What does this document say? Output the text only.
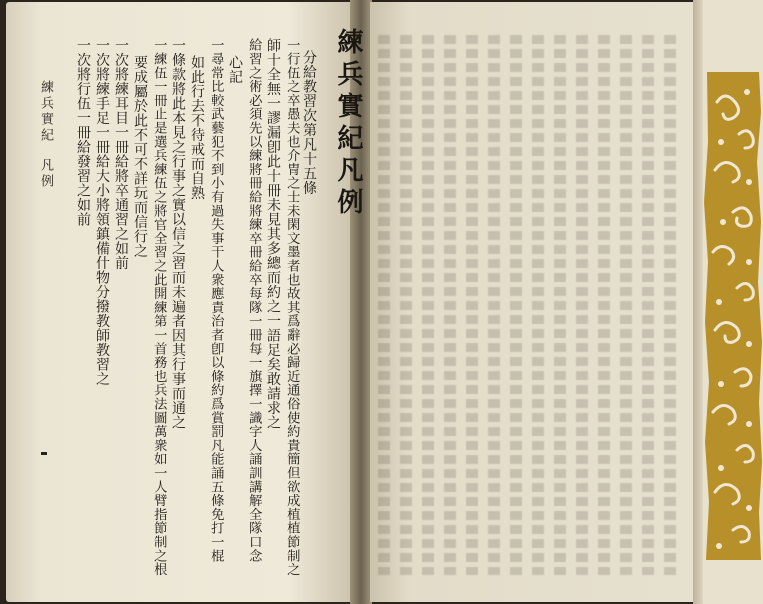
練兵實紀凡例
分給教習次第凡十五條
一行伍之卒愚夫也介冑之士未閑文墨者也故其爲辭必歸近通俗使約貴簡但欲成植植節制之
師十全無一謬漏卽此十冊未見其多總而約之一語足矣敢請求之
給習之術必須先以練將冊給將練卒冊給卒每隊一冊每一旗擇一識字人誦訓講解全隊口念
心記
一尋常比較武藝犯不到小有過失事干人衆應責治者卽以條約爲賞罰凡能誦五條免打一棍
如此行去不待戒而自熟
一條款將此本見之行事之實以信之習而未遍者因其行事而通之
一練伍一冊止是選兵練伍之將官全習之此開練第一首務也兵法圖萬衆如一人臂指節制之根
要成屬於此不可不詳玩而信行之
一次將練耳目一冊給將卒通習之如前
一次將練手足一冊給大小將領鎮備什物分撥教師教習之
一次將行伍一冊給發習之如前
練兵實紀
凡例
